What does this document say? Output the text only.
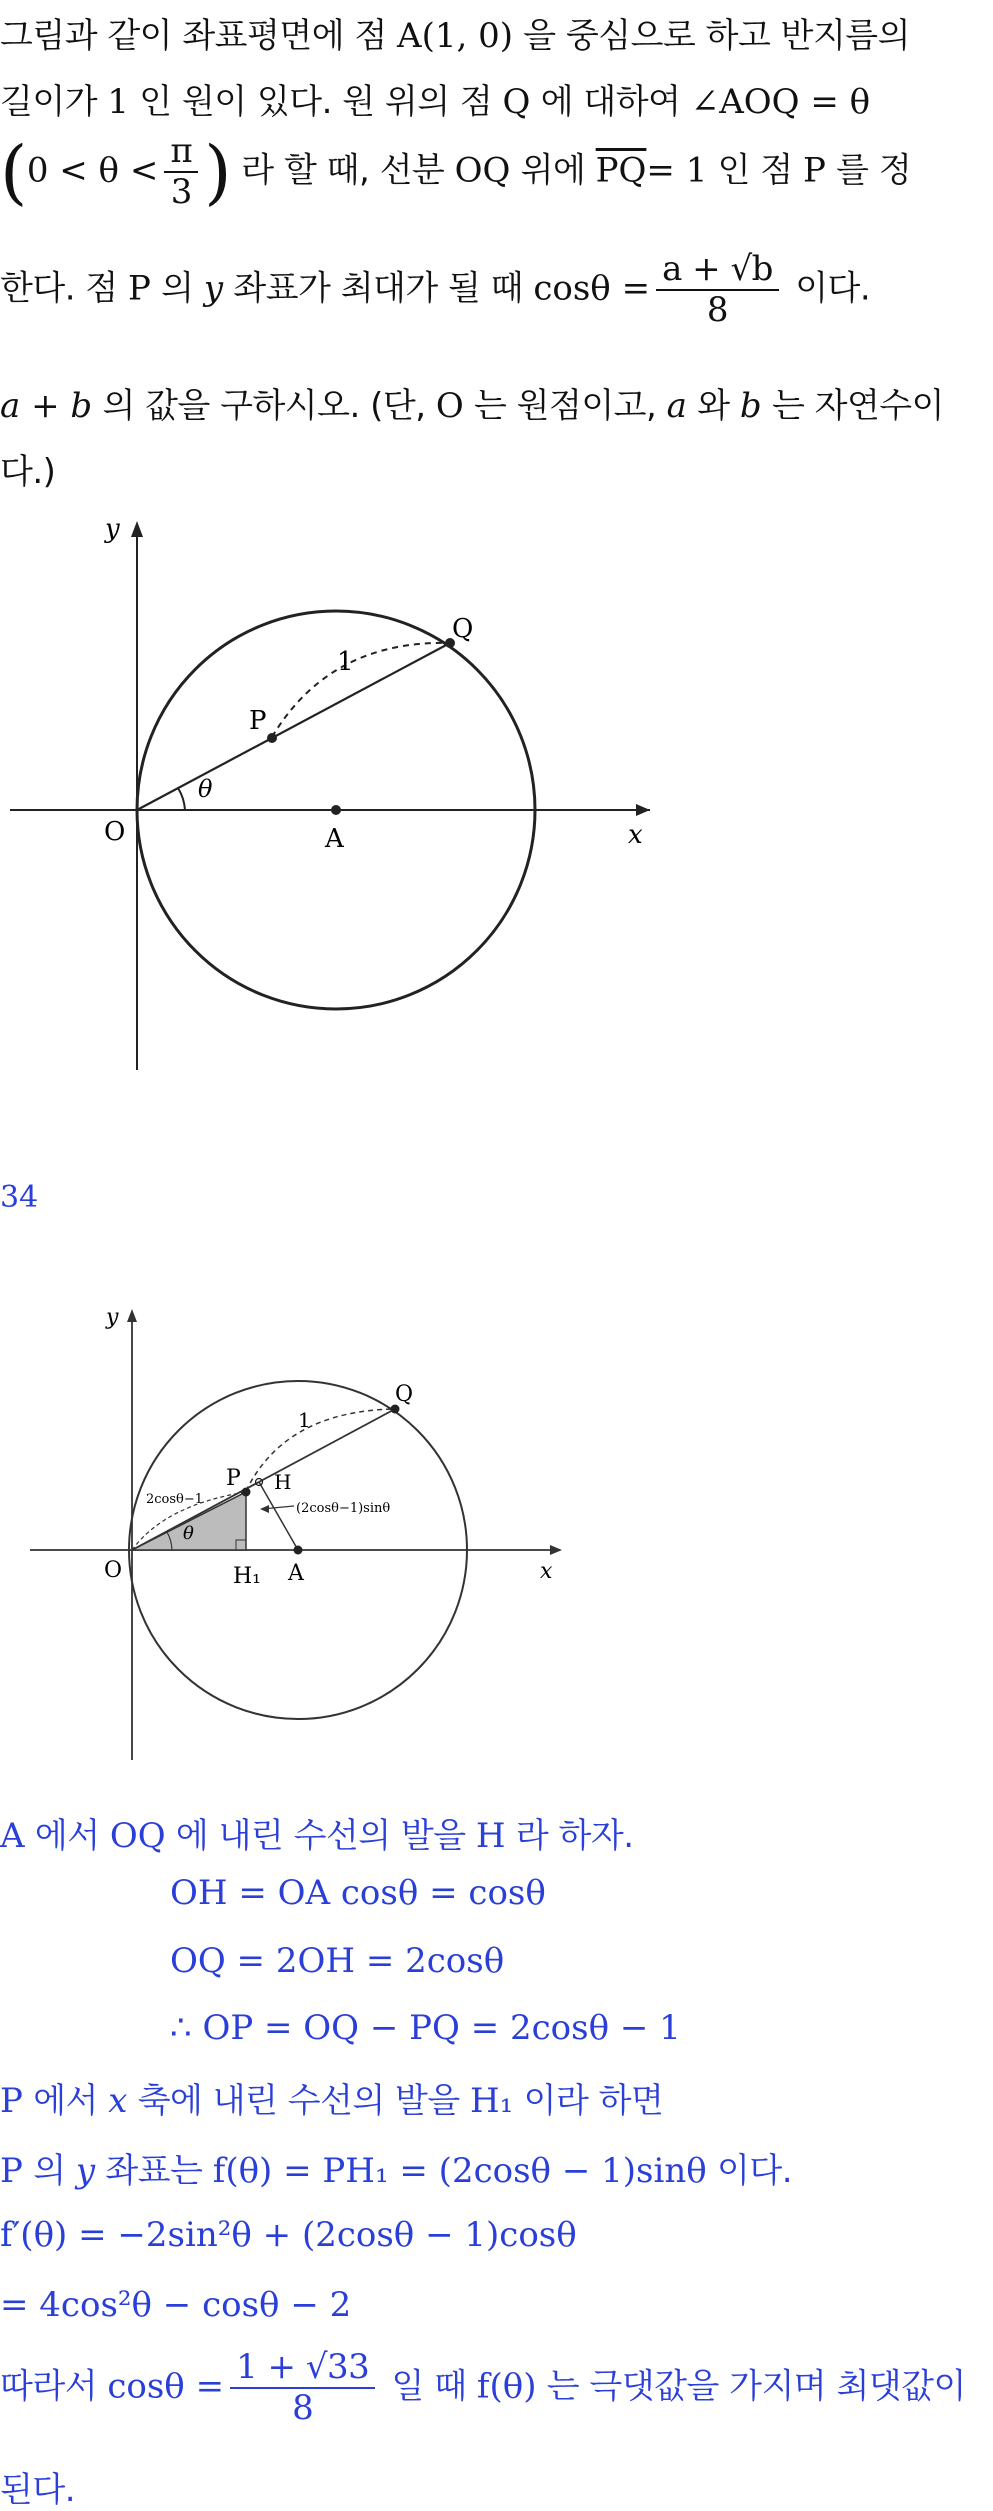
그림과 같이 좌표평면에 점 A(1, 0) 을 중심으로 하고 반지름의
길이가 1 인 원이 있다. 원 위의 점 Q 에 대하여 ∠AOQ = θ
($0 < \theta < \frac{\pi}{3}$ ) 라 할 때, 선분 OQ 위에 $\overline{PQ}= 1$ 인 점 P 를 정
한다. 점 P 의 y 좌표가 최대가 될 때 $\cos\theta = \frac{a + √b}{8}$ 이다.
a + b 의 값을 구하시오. (단, O 는 원점이고, a 와 b 는 자연수이
다.)
y
x
O	A
P
Q
1
θ
34
y
x
O	A
H₁
P
Q
H
1
θ
2cosθ−1
(2cosθ−1)sinθ
A 에서 OQ 에 내린 수선의 발을 H 라 하자.
OH = OA cosθ = cosθ
OQ = 2OH = 2cosθ
∴ OP = OQ − PQ = 2cosθ − 1
P 에서 x 축에 내린 수선의 발을 H₁ 이라 하면
P 의 y 좌표는 f(θ) = PH₁ = (2cosθ − 1)sinθ 이다.
f′(θ) = −2sin²θ + (2cosθ − 1)cosθ
= 4cos²θ − cosθ − 2
따라서 $\cos\theta = \frac{1 + √33}{8}$ 일 때 f(θ) 는 극댓값을 가지며 최댓값이
된다.
